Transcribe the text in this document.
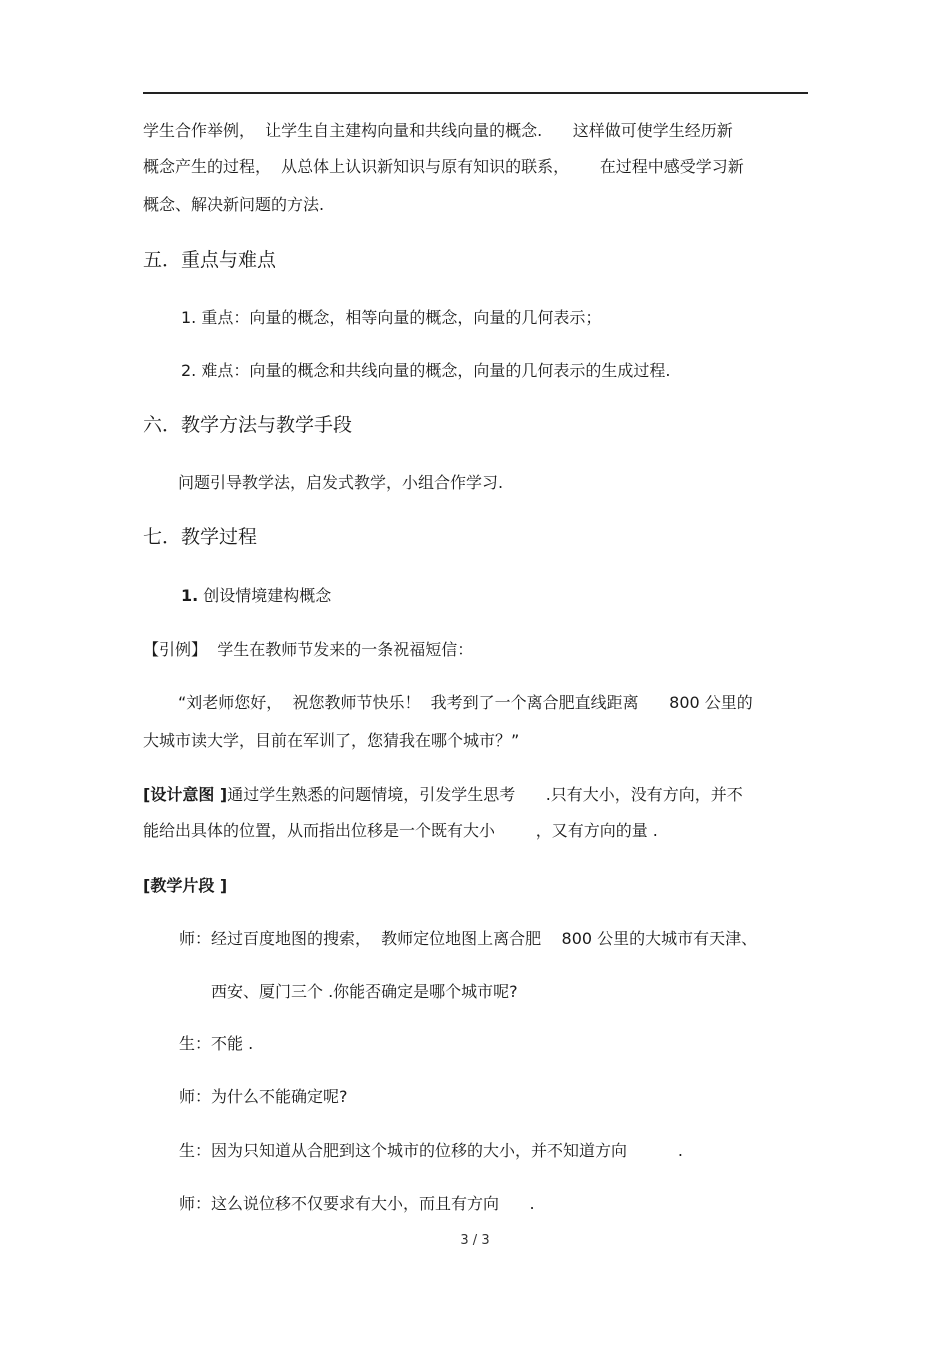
学生合作举例，  让学生自主建构向量和共线向量的概念.      这样做可使学生经历新
概念产生的过程，  从总体上认识新知识与原有知识的联系，      在过程中感受学习新
概念、解决新问题的方法.
五．重点与难点
1. 重点：向量的概念，相等向量的概念，向量的几何表示；
2. 难点：向量的概念和共线向量的概念，向量的几何表示的生成过程.
六．教学方法与教学手段
问题引导教学法，启发式教学，小组合作学习.
七．教学过程
1. 创设情境建构概念
【引例】  学生在教师节发来的一条祝福短信：
“刘老师您好，  祝您教师节快乐！  我考到了一个离合肥直线距离      800 公里的
大城市读大学，目前在军训了，您猜我在哪个城市？”
[设计意图 ]通过学生熟悉的问题情境，引发学生思考      .只有大小，没有方向，并不
能给出具体的位置，从而指出位移是一个既有大小        ，又有方向的量 .
[教学片段 ]
师：经过百度地图的搜索，  教师定位地图上离合肥    800 公里的大城市有天津、
西安、厦门三个 .你能否确定是哪个城市呢?
生：不能 .
师：为什么不能确定呢?
生：因为只知道从合肥到这个城市的位移的大小，并不知道方向          .
师：这么说位移不仅要求有大小，而且有方向      .
3 / 3
